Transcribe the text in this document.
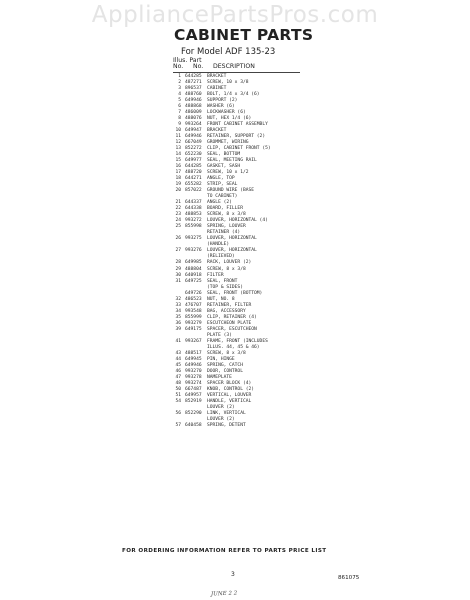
AppliancePartsPros.com
CABINET PARTS
For Model ADF 135-23
Illus. Part
No. No. DESCRIPTION
1 644285 BRACKET
2 487271 SCREW, 10 x 3/8
3 896537 CABINET
4 488760 BOLT, 1/4 x 3/4 (6)
5 649946 SUPPORT (2)
6 488868 WASHER (6)
7 486009 LOCKWASHER (6)
8 488076 NUT, HEX 1/4 (6)
9 993264 FRONT CABINET ASSEMBLY
10 649947 BRACKET
11 649946 RETAINER, SUPPORT (2)
12 667049 GROMMET, WIRING
13 852272 CLIP, CABINET FRONT (5)
14 652230 SEAL, BOTTOM
15 649977 SEAL, MEETING RAIL
16 644285 GASKET, SASH
17 488720 SCREW, 10 x 1/2
18 644271 ANGLE, TOP
19 655282 STRIP, SEAL
20 857022 GROUND WIRE (BASE
TO CABINET)
21 644337 ANGLE (2)
22 644338 BOARD, FILLER
23 488853 SCREW, 8 x 3/8
24 993272 LOUVER, HORIZONTAL (4)
25 855998 SPRING, LOUVER
RETAINER (4)
26 993275 LOUVER, HORIZONTAL
(HANDLE)
27 993276 LOUVER, HORIZONTAL
(RELIEVED)
28 649985 RACK, LOUVER (2)
29 488804 SCREW, 8 x 3/8
30 640918 FILTER
31 649725 SEAL, FRONT
(TOP & SIDES)
649726 SEAL, FRONT (BOTTOM)
32 486523 NUT, NO. 8
33 476707 RETAINER, FILTER
34 993548 BAG, ACCESSORY
35 855999 CLIP, RETAINER (4)
36 993279 ESCUTCHEON PLATE
39 649175 SPACER, ESCUTCHEON
PLATE (3)
41 993267 FRAME, FRONT (INCLUDES
ILLUS. 44, 45 & 46)
43 488517 SCREW, 8 x 3/8
44 649945 PIN, HINGE
45 649946 SPRING, CATCH
46 993270 DOOR, CONTROL
47 993278 NAMEPLATE
48 993274 SPACER BLOCK (4)
50 667487 KNOB, CONTROL (2)
51 649957 VERTICAL, LOUVER
54 852919 HANDLE, VERTICAL
LOUVER (2)
56 852290 LINK, VERTICAL
LOUVER (2)
57 640458 SPRING, DETENT
FOR ORDERING INFORMATION REFER TO PARTS PRICE LIST
3	861075
JUNE 2 2
